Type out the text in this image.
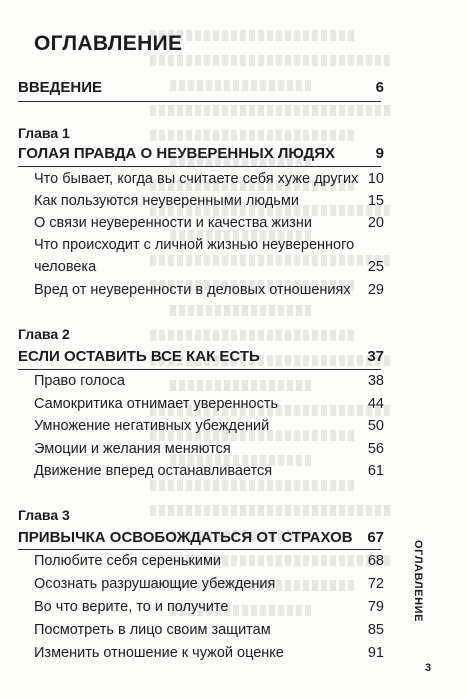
ОГЛАВЛЕНИЕ
ВВЕДЕНИЕ	6
Глава 1
ГОЛАЯ ПРАВДА О НЕУВЕРЕННЫХ ЛЮДЯХ	9
Что бывает, когда вы считаете себя хуже других 10
Как пользуются неуверенными людьми	15
О связи неуверенности и качества жизни	20
Что происходит с личной жизнью неуверенного
человека	25
Вред от неуверенности в деловых отношениях 29
Глава 2
ЕСЛИ ОСТАВИТЬ ВСЕ КАК ЕСТЬ	37
Право голоса	38
Самокритика отнимает уверенность	44
Умножение негативных убеждений	50
Эмоции и желания меняются	56
Движение вперед останавливается	61
Глава 3
ПРИВЫЧКА ОСВОБОЖДАТЬСЯ ОТ СТРАХОВ 67
Полюбите себя серенькими	68
Осознать разрушающие убеждения	72
Во что верите, то и получите	79
Посмотреть в лицо своим защитам	85
Изменить отношение к чужой оценке	91
ОГЛАВЛЕНИЕ
3
